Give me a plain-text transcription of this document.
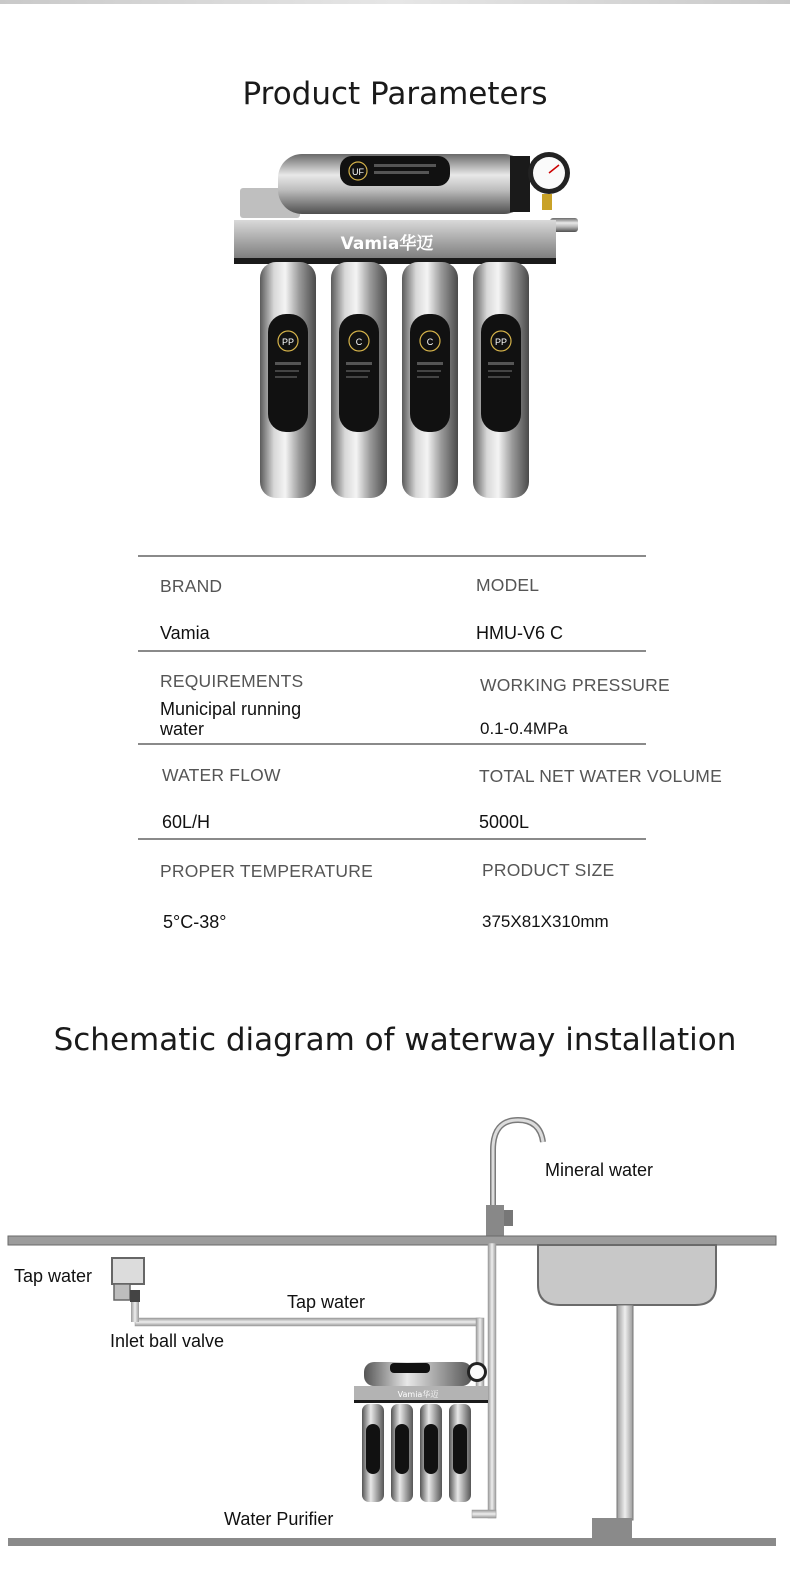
Product Parameters
UF
Vamia华迈
PP	C	C	PP
BRAND	MODEL
Vamia	HMU-V6 C
REQUIREMENTS	WORKING PRESSURE
Municipal running
water	0.1-0.4MPa
WATER FLOW	TOTAL NET WATER VOLUME
60L/H	5000L
PROPER TEMPERATURE	PRODUCT SIZE
5°C-38°	375X81X310mm
Schematic diagram of waterway installation
Vamia华迈
Mineral water
Tap water
Tap water
Inlet ball valve
Water Purifier
